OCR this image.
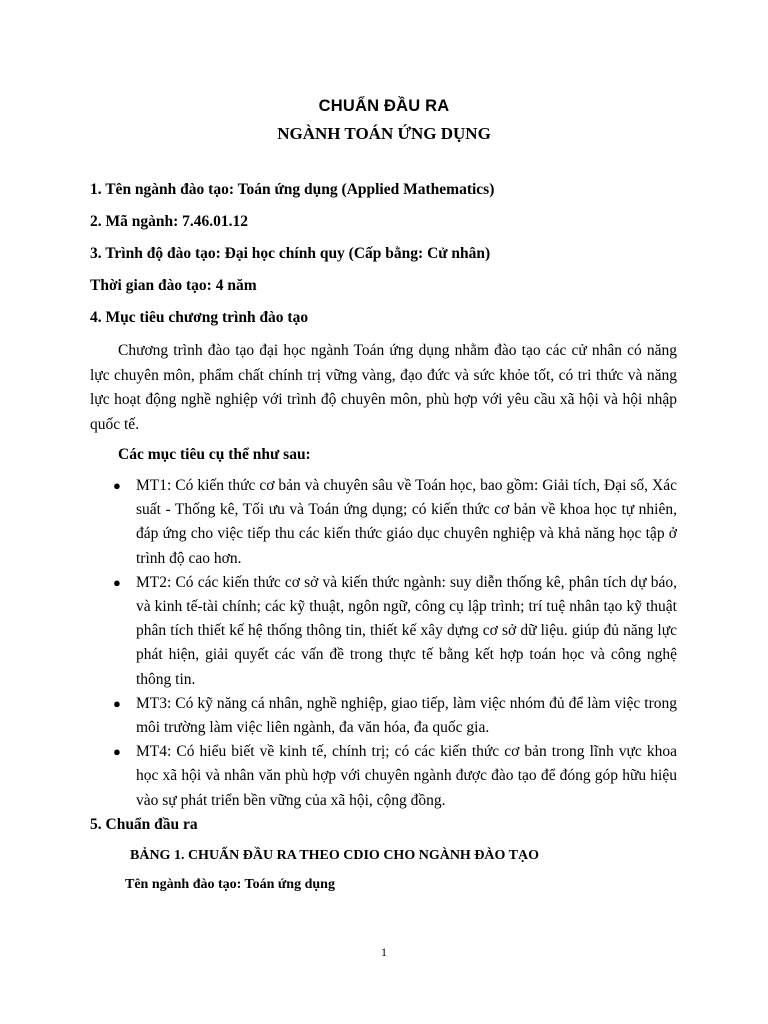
CHUẨN ĐẦU RA
NGÀNH TOÁN ỨNG DỤNG
1. Tên ngành đào tạo: Toán ứng dụng (Applied Mathematics)
2. Mã ngành: 7.46.01.12
3. Trình độ đào tạo: Đại học chính quy (Cấp bằng: Cử nhân)
Thời gian đào tạo: 4 năm
4. Mục tiêu chương trình đào tạo
Chương trình đào tạo đại học ngành Toán ứng dụng nhằm đào tạo các cử nhân có năng lực chuyên môn, phẩm chất chính trị vững vàng, đạo đức và sức khỏe tốt, có tri thức và năng lực hoạt động nghề nghiệp với trình độ chuyên môn, phù hợp với yêu cầu xã hội và hội nhập quốc tế.
Các mục tiêu cụ thể như sau:
● MT1: Có kiến thức cơ bản và chuyên sâu về Toán học, bao gồm: Giải tích, Đại số, Xác suất - Thống kê, Tối ưu và Toán ứng dụng; có kiến thức cơ bản về khoa học tự nhiên, đáp ứng cho việc tiếp thu các kiến thức giáo dục chuyên nghiệp và khả năng học tập ở trình độ cao hơn.
● MT2: Có các kiến thức cơ sở và kiến thức ngành: suy diễn thống kê, phân tích dự báo, và kinh tế-tài chính; các kỹ thuật, ngôn ngữ, công cụ lập trình; trí tuệ nhân tạo kỹ thuật phân tích thiết kế hệ thống thông tin, thiết kế xây dựng cơ sở dữ liệu. giúp đủ năng lực phát hiện, giải quyết các vấn đề trong thực tế bằng kết hợp toán học và công nghệ thông tin.
● MT3: Có kỹ năng cá nhân, nghề nghiệp, giao tiếp, làm việc nhóm đủ để làm việc trong môi trường làm việc liên ngành, đa văn hóa, đa quốc gia.
● MT4: Có hiểu biết về kinh tế, chính trị; có các kiến thức cơ bản trong lĩnh vực khoa học xã hội và nhân văn phù hợp với chuyên ngành được đào tạo để đóng góp hữu hiệu vào sự phát triển bền vững của xã hội, cộng đồng.
5. Chuẩn đầu ra
BẢNG 1. CHUẨN ĐẦU RA THEO CDIO CHO NGÀNH ĐÀO TẠO
Tên ngành đào tạo: Toán ứng dụng
1
